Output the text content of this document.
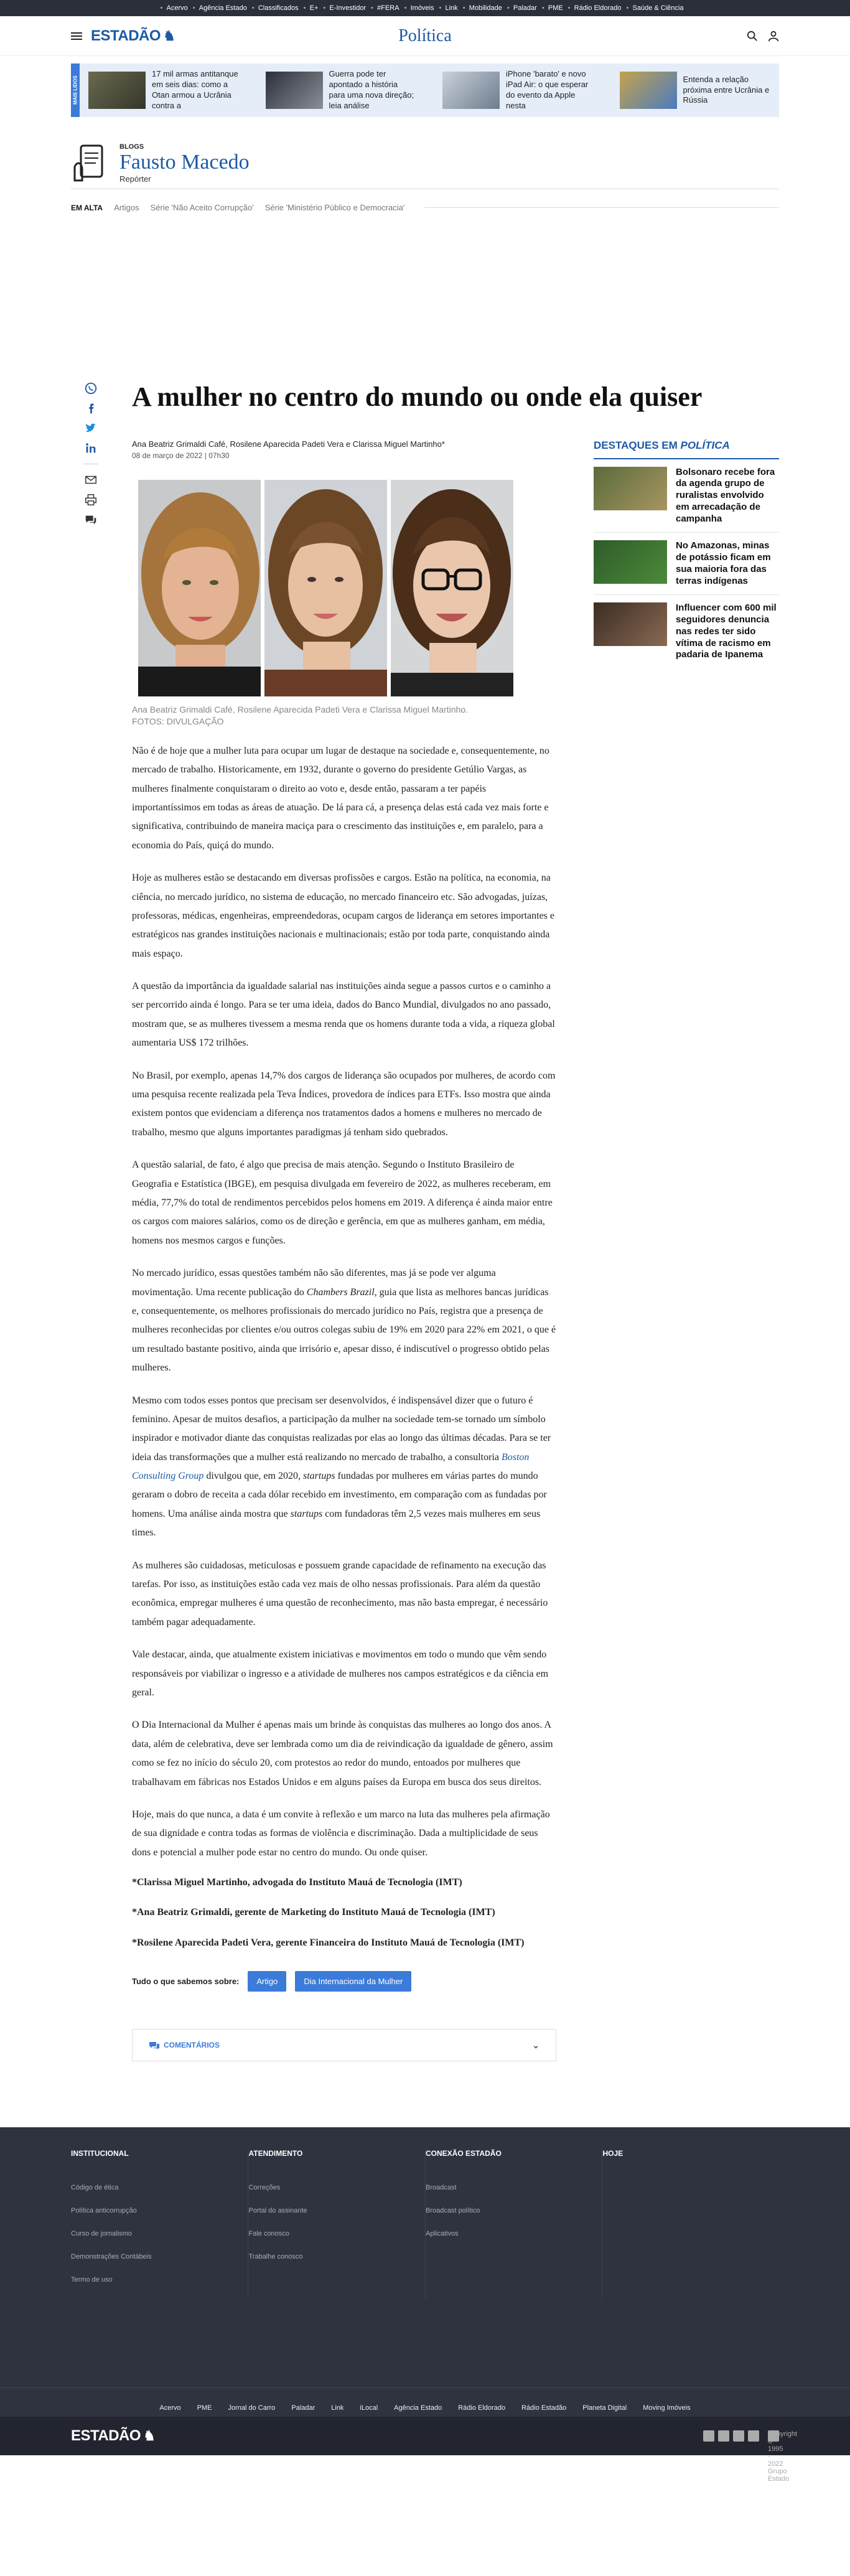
• Acervo	• Agência Estado	• Classificados	• E+	• E-Investidor	• #FERA	• Imóveis	• Link	• Mobilidade	• Paladar	• PME	• Rádio Eldorado	• Saúde & Ciência
ESTADÃO ♞	Política
MAIS LIDOS
17 mil armas antitanque em seis dias: como a Otan armou a Ucrânia contra a
Guerra pode ter apontado a história para uma nova direção; leia análise
iPhone 'barato' e novo iPad Air: o que esperar do evento da Apple nesta
Entenda a relação próxima entre Ucrânia e Rússia
BLOGS
Fausto Macedo
Repórter
EM ALTA Artigos Série 'Não Aceito Corrupção' Série 'Ministério Público e Democracia'
A mulher no centro do mundo ou onde ela quiser
Ana Beatriz Grimaldi Café, Rosilene Aparecida Padeti Vera e Clarissa Miguel Martinho*
08 de março de 2022 | 07h30
Ana Beatriz Grimaldi Café, Rosilene Aparecida Padeti Vera e Clarissa Miguel Martinho.
FOTOS: DIVULGAÇÃO

Não é de hoje que a mulher luta para ocupar um lugar de destaque na sociedade e, consequentemente, no mercado de trabalho. Historicamente, em 1932, durante o governo do presidente Getúlio Vargas, as mulheres finalmente conquistaram o direito ao voto e, desde então, passaram a ter papéis importantíssimos em todas as áreas de atuação. De lá para cá, a presença delas está cada vez mais forte e significativa, contribuindo de maneira maciça para o crescimento das instituições e, em paralelo, para a economia do País, quiçá do mundo.

Hoje as mulheres estão se destacando em diversas profissões e cargos. Estão na política, na economia, na ciência, no mercado jurídico, no sistema de educação, no mercado financeiro etc. São advogadas, juízas, professoras, médicas, engenheiras, empreendedoras, ocupam cargos de liderança em setores importantes e estratégicos nas grandes instituições nacionais e multinacionais; estão por toda parte, conquistando ainda mais espaço.

A questão da importância da igualdade salarial nas instituições ainda segue a passos curtos e o caminho a ser percorrido ainda é longo. Para se ter uma ideia, dados do Banco Mundial, divulgados no ano passado, mostram que, se as mulheres tivessem a mesma renda que os homens durante toda a vida, a riqueza global aumentaria US$ 172 trilhões.

No Brasil, por exemplo, apenas 14,7% dos cargos de liderança são ocupados por mulheres, de acordo com uma pesquisa recente realizada pela Teva Índices, provedora de índices para ETFs. Isso mostra que ainda existem pontos que evidenciam a diferença nos tratamentos dados a homens e mulheres no mercado de trabalho, mesmo que alguns importantes paradigmas já tenham sido quebrados.

A questão salarial, de fato, é algo que precisa de mais atenção. Segundo o Instituto Brasileiro de Geografia e Estatística (IBGE), em pesquisa divulgada em fevereiro de 2022, as mulheres receberam, em média, 77,7% do total de rendimentos percebidos pelos homens em 2019. A diferença é ainda maior entre os cargos com maiores salários, como os de direção e gerência, em que as mulheres ganham, em média, homens nos mesmos cargos e funções.

No mercado jurídico, essas questões também não são diferentes, mas já se pode ver alguma movimentação. Uma recente publicação do Chambers Brazil, guia que lista as melhores bancas jurídicas e, consequentemente, os melhores profissionais do mercado jurídico no País, registra que a presença de mulheres reconhecidas por clientes e/ou outros colegas subiu de 19% em 2020 para 22% em 2021, o que é um resultado bastante positivo, ainda que irrisório e, apesar disso, é indiscutível o progresso obtido pelas mulheres.

Mesmo com todos esses pontos que precisam ser desenvolvidos, é indispensável dizer que o futuro é feminino. Apesar de muitos desafios, a participação da mulher na sociedade tem-se tornado um símbolo inspirador e motivador diante das conquistas realizadas por elas ao longo das últimas décadas. Para se ter ideia das transformações que a mulher está realizando no mercado de trabalho, a consultoria Boston Consulting Group divulgou que, em 2020, startups fundadas por mulheres em várias partes do mundo geraram o dobro de receita a cada dólar recebido em investimento, em comparação com as fundadas por homens. Uma análise ainda mostra que startups com fundadoras têm 2,5 vezes mais mulheres em seus times.

As mulheres são cuidadosas, meticulosas e possuem grande capacidade de refinamento na execução das tarefas. Por isso, as instituições estão cada vez mais de olho nessas profissionais. Para além da questão econômica, empregar mulheres é uma questão de reconhecimento, mas não basta empregar, é necessário também pagar adequadamente.

Vale destacar, ainda, que atualmente existem iniciativas e movimentos em todo o mundo que vêm sendo responsáveis por viabilizar o ingresso e a atividade de mulheres nos campos estratégicos e da ciência em geral.

O Dia Internacional da Mulher é apenas mais um brinde às conquistas das mulheres ao longo dos anos. A data, além de celebrativa, deve ser lembrada como um dia de reivindicação da igualdade de gênero, assim como se fez no início do século 20, com protestos ao redor do mundo, entoados por mulheres que trabalhavam em fábricas nos Estados Unidos e em alguns países da Europa em busca dos seus direitos.

Hoje, mais do que nunca, a data é um convite à reflexão e um marco na luta das mulheres pela afirmação de sua dignidade e contra todas as formas de violência e discriminação. Dada a multiplicidade de seus dons e potencial a mulher pode estar no centro do mundo. Ou onde quiser.

*Clarissa Miguel Martinho, advogada do Instituto Mauá de Tecnologia (IMT)

*Ana Beatriz Grimaldi, gerente de Marketing do Instituto Mauá de Tecnologia (IMT)

*Rosilene Aparecida Padeti Vera, gerente Financeira do Instituto Mauá de Tecnologia (IMT)

Tudo o que sabemos sobre:	Artigo	Dia Internacional da Mulher
COMENTÁRIOS	⌄
DESTAQUES EM POLÍTICA
Bolsonaro recebe fora da agenda grupo de ruralistas envolvido em arrecadação de campanha
No Amazonas, minas de potássio ficam em sua maioria fora das terras indígenas
Influencer com 600 mil seguidores denuncia nas redes ter sido vítima de racismo em padaria de Ipanema
INSTITUCIONAL
Código de ética
Política anticorrupção
Curso de jornalismo
Demonstrações Contábeis
Termo de uso
ATENDIMENTO
Correções
Portal do assinante
Fale conosco
Trabalhe conosco
CONEXÃO ESTADÃO
Broadcast
Broadcast político
Aplicativos
HOJE
Acervo PME Jornal do Carro Paladar Link iLocal Agência Estado Rádio Eldorado Rádio Estadão Planeta Digital Moving Imóveis
ESTADÃO ♞	Copyright © 1995 - 2022 Grupo Estado
